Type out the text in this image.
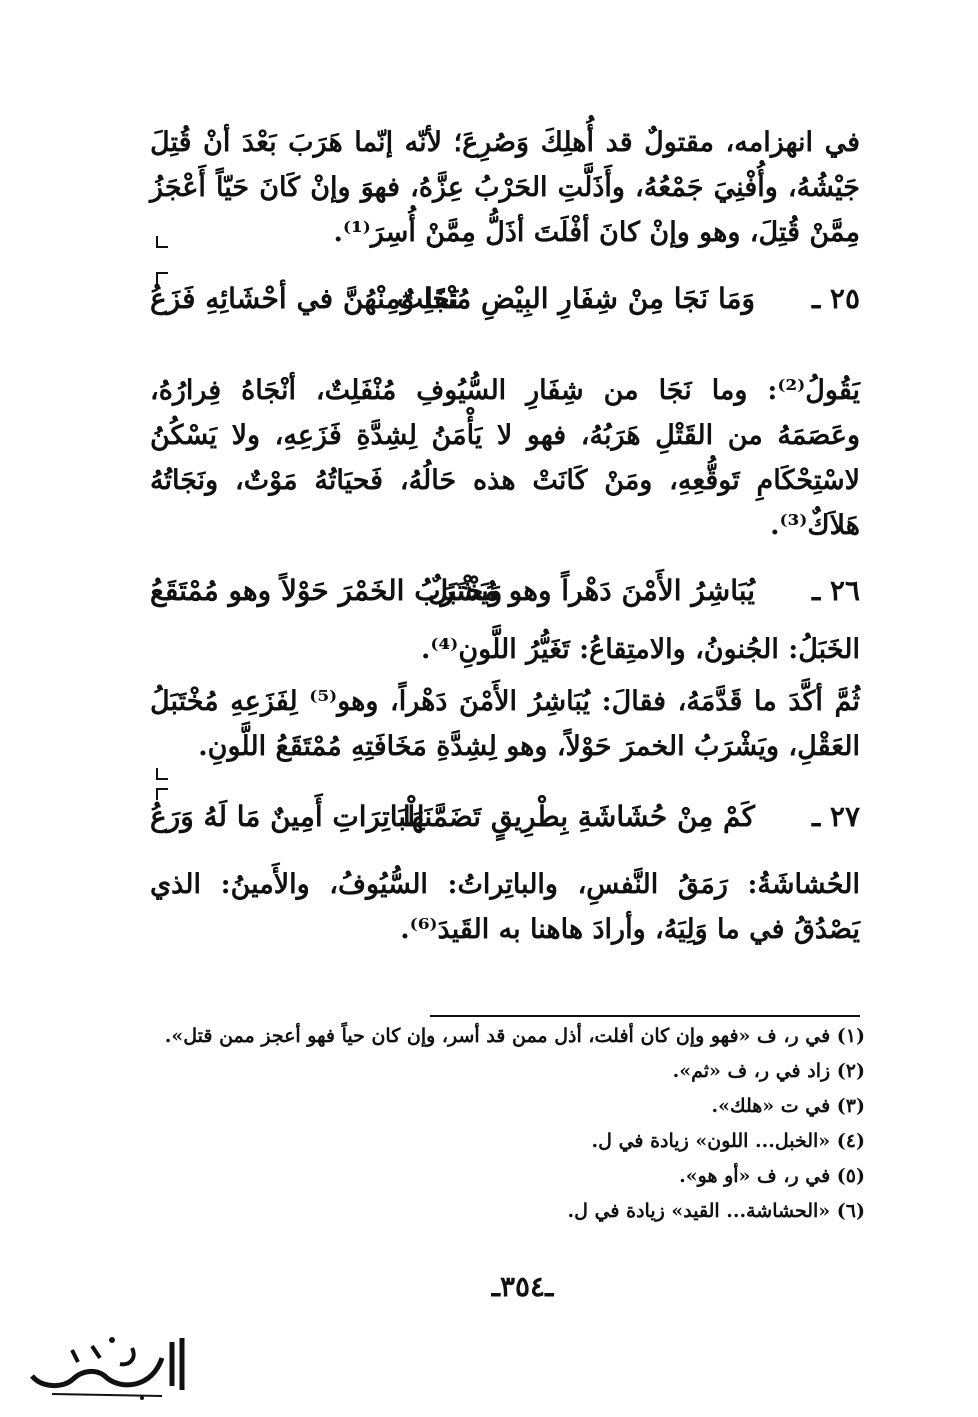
في انهزامه، مقتولٌ قد أُهلِكَ وَصُرِعَ؛ لأنّه إنّما هَرَبَ بَعْدَ أنْ قُتِلَ جَيْشُهُ، وأُفْنِيَ جَمْعُهُ، وأَذَلَّتِ الحَرْبُ عِزَّهُ، فهوَ وإنْ كَانَ حَيّاً أَعْجَزُ مِمَّنْ قُتِلَ، وهو وإنْ كانَ أفْلَتَ أذَلُّ مِمَّنْ أُسِرَ⁽¹⁾.
٢٥ ـ
وَمَا نَجَا مِنْ شِفَارِ البِيْضِ مُنْفَلِتٌ
نَجَا وَمِنْهُنَّ في أحْشَائِهِ فَزَعُ
يَقُولُ⁽²⁾: وما نَجَا من شِفَارِ السُّيُوفِ مُنْفَلِتٌ، أنْجَاهُ فِرارُهُ، وعَصَمَهُ من القَتْلِ هَرَبُهُ، فهو لا يَأْمَنُ لِشِدَّةِ فَزَعِهِ، ولا يَسْكُنُ لاسْتِحْكَامِ تَوقُّعِهِ، ومَنْ كَانَتْ هذه حَالُهُ، فَحيَاتُهُ مَوْتٌ، ونَجَاتُهُ هَلاَكٌ⁽³⁾.
٢٦ ـ
يُبَاشِرُ الأَمْنَ دَهْراً وهو مُخْتَبَلٌ
وَيَشْرَبُ الخَمْرَ حَوْلاً وهو مُمْتَقَعُ
الخَبَلُ: الجُنونُ، والامتِقاعُ: تَغَيُّرُ اللَّونِ⁽⁴⁾.
ثُمَّ أكَّدَ ما قَدَّمَهُ، فقالَ: يُبَاشِرُ الأَمْنَ دَهْراً، وهو⁽⁵⁾ لِفَزَعِهِ مُخْتَبَلُ العَقْلِ، ويَشْرَبُ الخمرَ حَوْلاً، وهو لِشِدَّةِ مَخَافَتِهِ مُمْتَقَعُ اللَّونِ.
٢٧ ـ
كَمْ مِنْ حُشَاشَةِ بِطْرِيقٍ تَضَمَّنَهَا
لِلْبَاتِرَاتِ أَمِينٌ مَا لَهُ وَرَعُ
الحُشاشَةُ: رَمَقُ النَّفسِ، والباتِراتُ: السُّيُوفُ، والأَمينُ: الذي يَصْدُقُ في ما وَلِيَهُ، وأرادَ هاهنا به القَيدَ⁽⁶⁾.
(١) في ر، ف «فهو وإن كان أفلت، أذل ممن قد أسر، وإن كان حياً فهو أعجز ممن قتل».
(٢) زاد في ر، ف «ثم».
(٣) في ت «هلك».
(٤) «الخبل... اللون» زيادة في ل.
(٥) في ر، ف «أو هو».
(٦) «الحشاشة... القيد» زيادة في ل.
ـ٣٥٤ـ
